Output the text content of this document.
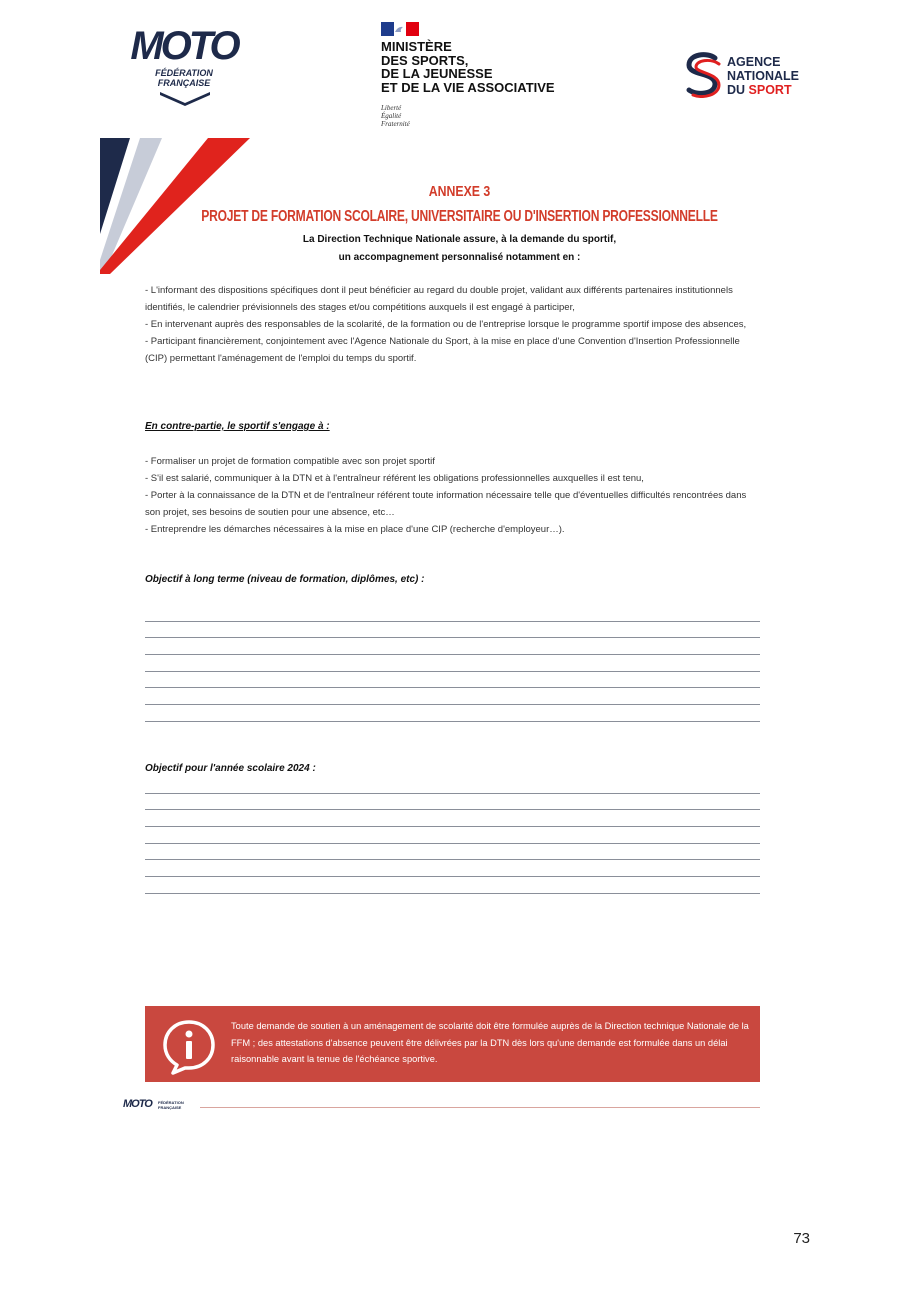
MOTO
FÉDÉRATION
FRANÇAISE
MINISTÈRE
DES SPORTS,
DE LA JEUNESSE
ET DE LA VIE ASSOCIATIVE
Liberté
Égalité
Fraternité
AGENCE
NATIONALE
DU SPORT
ANNEXE 3
PROJET DE FORMATION SCOLAIRE, UNIVERSITAIRE OU D'INSERTION PROFESSIONNELLE
La Direction Technique Nationale assure, à la demande du sportif,
un accompagnement personnalisé notamment en :
- L'informant des dispositions spécifiques dont il peut bénéficier au regard du double projet, validant aux différents partenaires institutionnels identifiés, le calendrier prévisionnels des stages et/ou compétitions auxquels il est engagé à participer,
- En intervenant auprès des responsables de la scolarité, de la formation ou de l'entreprise lorsque le programme sportif impose des absences,
- Participant financièrement, conjointement avec l'Agence Nationale du Sport, à la mise en place d'une Convention d'Insertion Professionnelle (CIP) permettant l'aménagement de l'emploi du temps du sportif.
En contre-partie, le sportif s'engage à :
- Formaliser un projet de formation compatible avec son projet sportif
- S'il est salarié, communiquer à la DTN et à l'entraîneur référent les obligations professionnelles auxquelles il est tenu,
- Porter à la connaissance de la DTN et de l'entraîneur référent toute information nécessaire telle que d'éventuelles difficultés rencontrées dans son projet, ses besoins de soutien pour une absence, etc…
- Entreprendre les démarches nécessaires à la mise en place d'une CIP (recherche d'employeur…).
Objectif à long terme (niveau de formation, diplômes, etc) :
Objectif pour l'année scolaire 2024 :
Toute demande de soutien à un aménagement de scolarité doit être formulée auprès de la Direction technique Nationale de la FFM ; des attestations d'absence peuvent être délivrées par la DTN dès lors qu'une demande est formulée dans un délai raisonnable avant la tenue de l'échéance sportive.
MOTO FÉDÉRATION
FRANÇAISE
73
